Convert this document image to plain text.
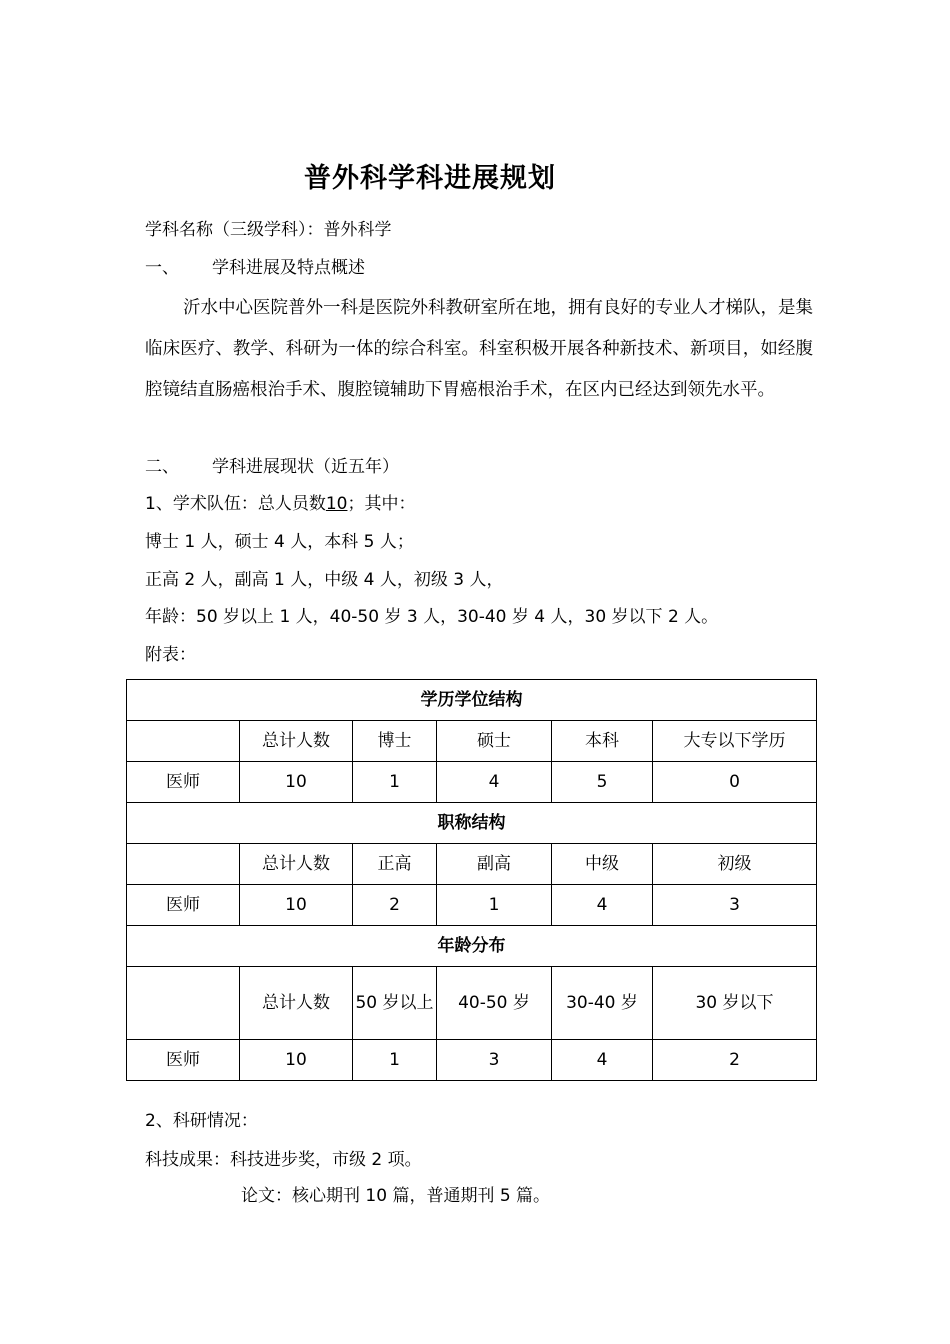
普外科学科进展规划
学科名称（三级学科）：普外科学
一、 学科进展及特点概述

沂水中心医院普外一科是医院外科教研室所在地，拥有良好的专业人才梯队，是集临床医疗、教学、科研为一体的综合科室。科室积极开展各种新技术、新项目，如经腹腔镜结直肠癌根治手术、腹腔镜辅助下胃癌根治手术，在区内已经达到领先水平。

二、 学科进展现状（近五年）
1、学术队伍：总人员数10；其中：
博士 1 人，硕士 4 人，本科 5 人；
正高 2 人，副高 1 人，中级 4 人，初级 3 人，
年龄：50 岁以上 1 人，40-50 岁 3 人，30-40 岁 4 人，30 岁以下 2 人。
附表：
学历学位结构					
	总计人数	博士	硕士	本科	大专以下学历
医师	10	1	4	5	0
职称结构					
	总计人数	正高	副高	中级	初级
医师	10	2	1	4	3
年龄分布					
	总计人数	50 岁以上	40-50 岁	30-40 岁	30 岁以下
医师	10	1	3	4	2
2、科研情况：
科技成果：科技进步奖，市级 2 项。
论文：核心期刊 10 篇，普通期刊 5 篇。
